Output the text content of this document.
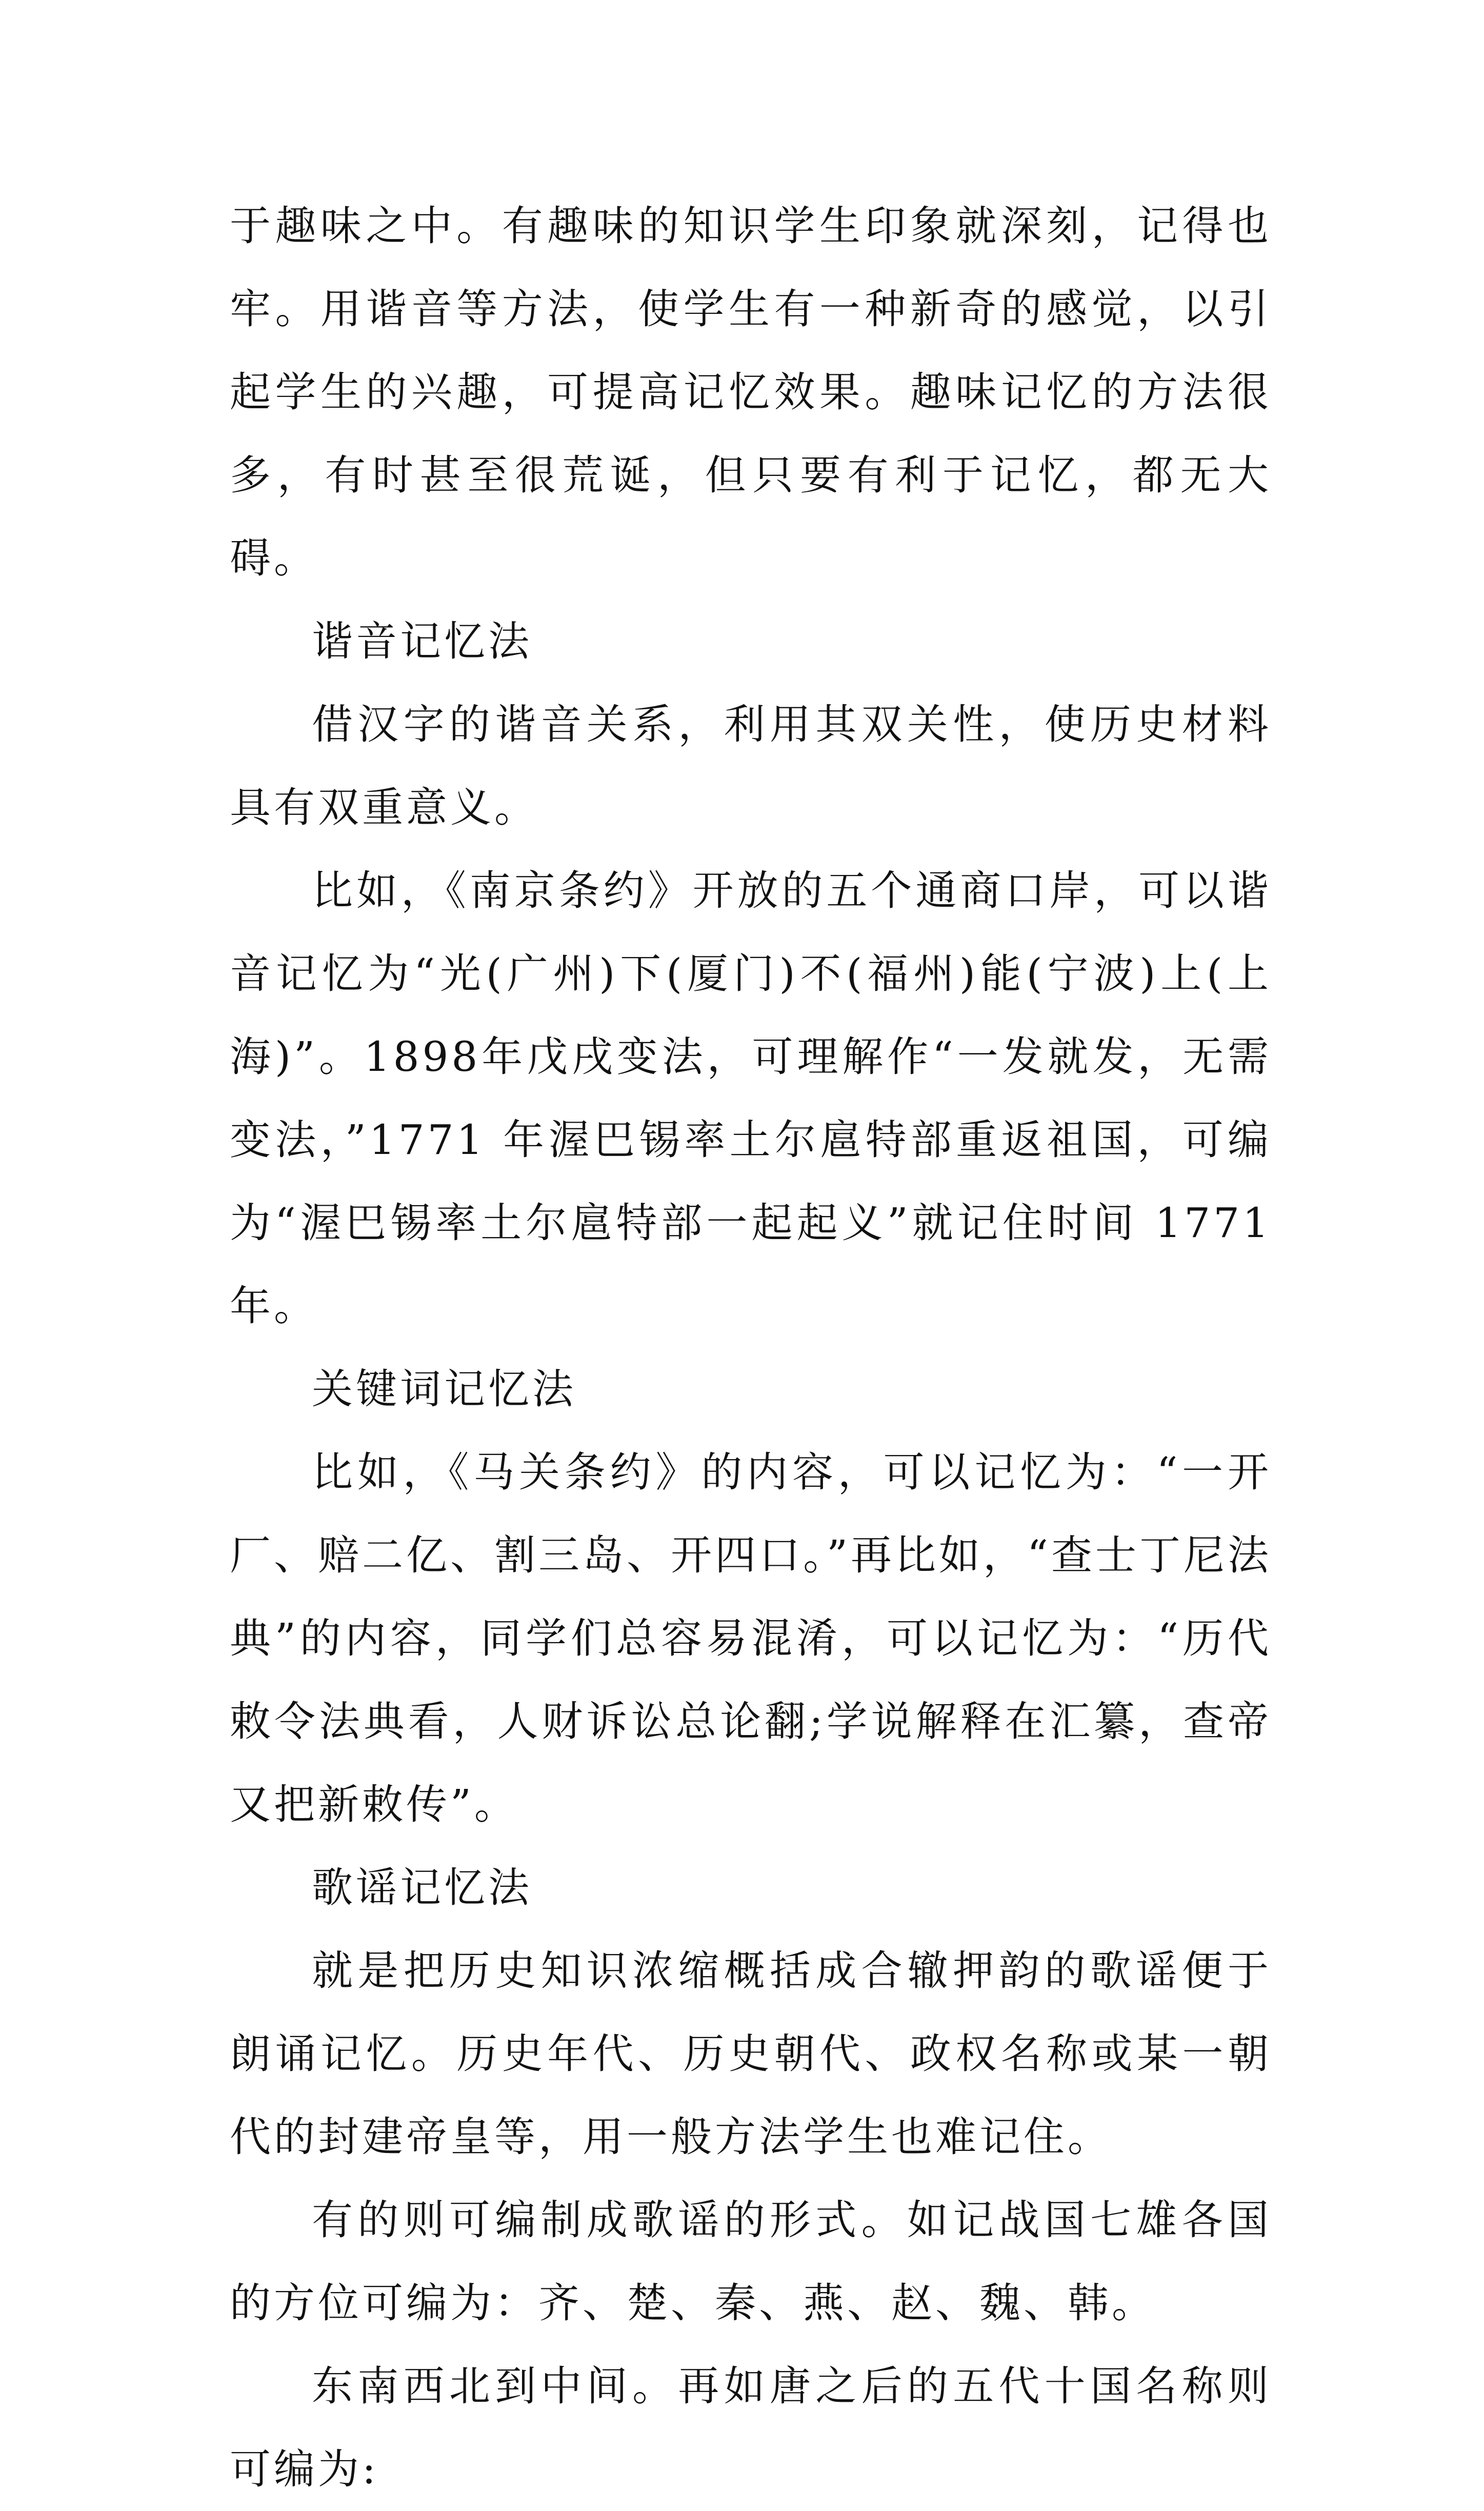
于趣味之中。有趣味的知识学生印象就深刻，记得也牢。用谐音等方法，使学生有一种新奇的感觉，以引起学生的兴趣，可提高记忆效果。趣味记忆的方法很多，有时甚至很荒诞，但只要有利于记忆，都无大碍。

谐音记忆法

借汉字的谐音关系，利用其双关性，使历史材料具有双重意义。

比如，《南京条约》开放的五个通商口岸，可以谐音记忆为“光(广州)下(厦门)不(福州)能(宁波)上(上海)”。1898年戊戌变法，可理解作“一发就发，无需变法，”1771 年渥巴锡率土尔扈特部重返祖国，可编为“渥巴锡率土尔扈特部一起起义”就记住时间 1771 年。

关键词记忆法

比如，《马关条约》的内容，可以记忆为：“一开厂、赔二亿、割三岛、开四口。”再比如，“查士丁尼法典”的内容，同学们总容易混淆，可以记忆为：“历代敕令法典看，人财诉讼总论翻;学说解释在汇纂，查帝又把新敕传”。

歌谣记忆法

就是把历史知识浓缩概括成合辙押韵的歌谣便于朗诵记忆。历史年代、历史朝代、政权名称或某一朝代的封建帝皇等，用一般方法学生也难记住。

有的则可编制成歌谣的形式。如记战国七雄各国的方位可编为：齐、楚、秦、燕、赵、魏、韩。

东南西北到中间。再如唐之后的五代十国名称则可编为:
